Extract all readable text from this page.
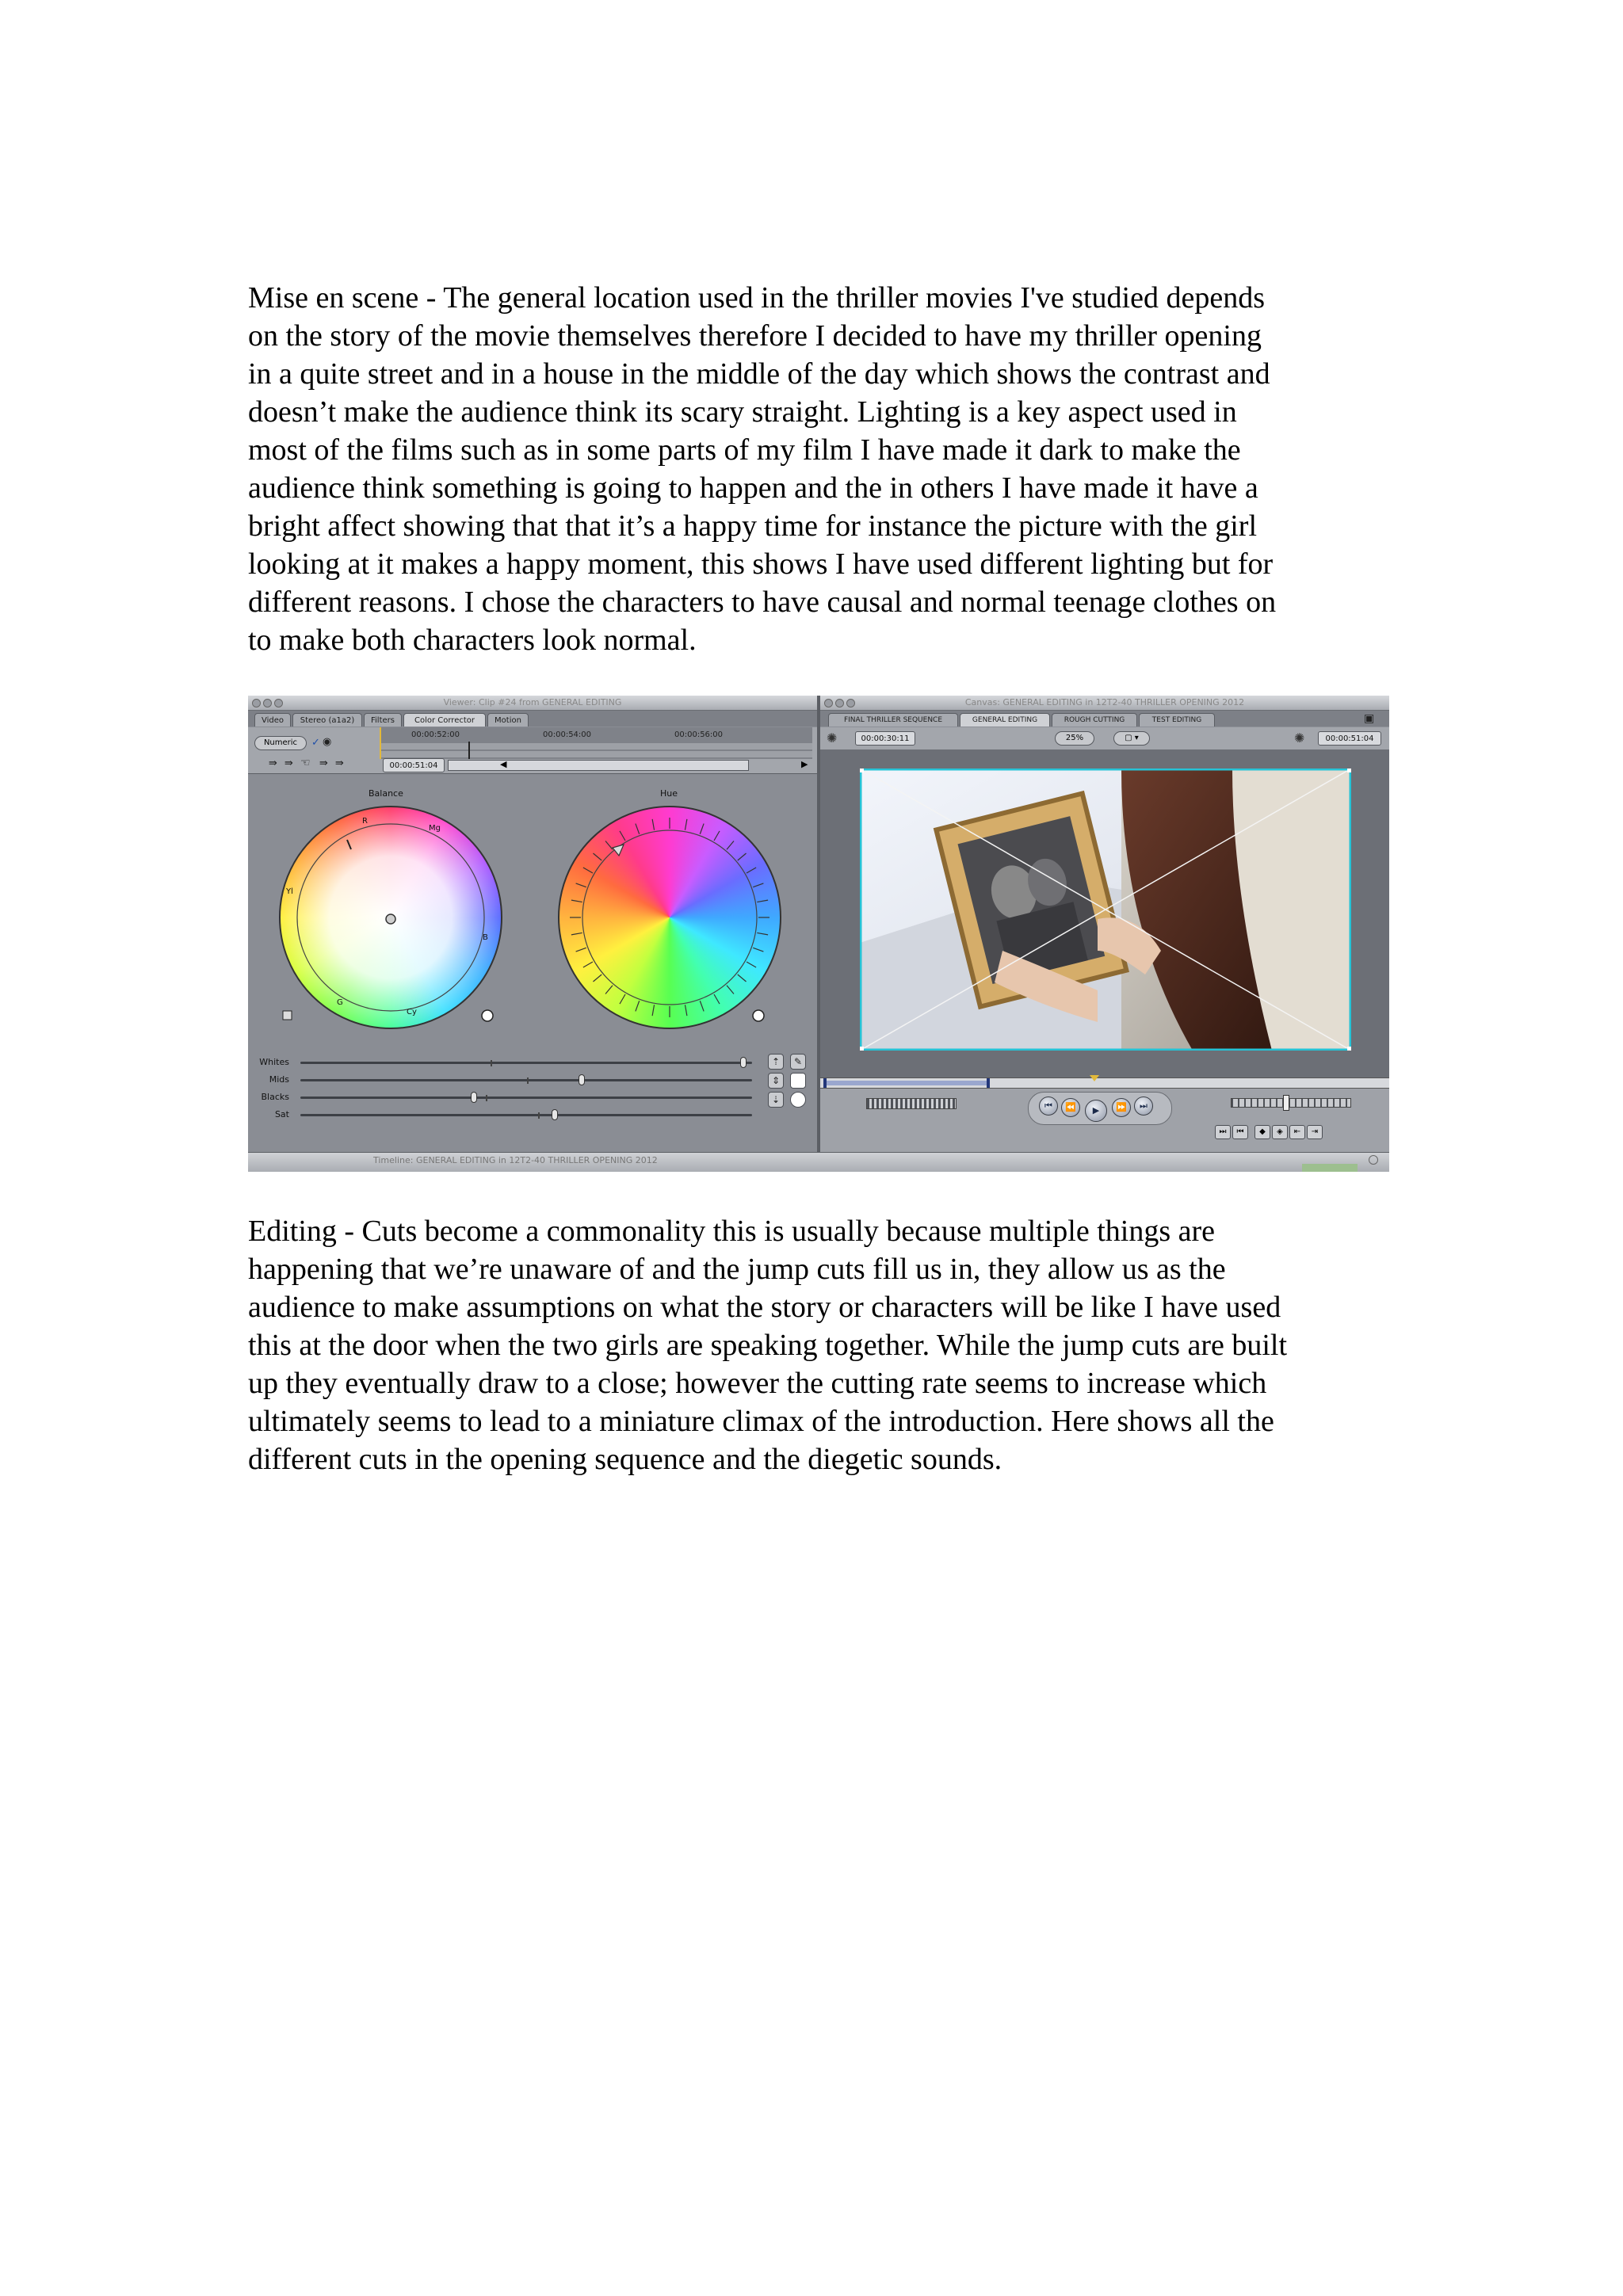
Mise en scene - The general location used in the thriller movies I've studied depends
on the story of the movie themselves therefore I decided to have my thriller opening
in a quite street and in a house in the middle of the day which shows the contrast and
doesn’t make the audience think its scary straight. Lighting is a key aspect used in
most of the films such as in some parts of my film I have made it dark to make the
audience think something is going to happen and the in others I have made it have a
bright affect showing that that it’s a happy time for instance the picture with the girl
looking at it makes a happy moment, this shows I have used different lighting but for
different reasons. I chose the characters to have causal and normal teenage clothes on
to make both characters look normal.
Viewer: Clip #24 from GENERAL EDITING
Video	Stereo (a1a2)	Filters	Color Corrector	Motion
Numeric	✓ ◉
00:00:52:00	00:00:54:00	00:00:56:00
⇛ ⇛ ☜ ⇛ ⇛	00:00:51:04	◀	▶
Balance	Hue
R
Mg
Yl
B
G
Cy
Whites
Mids
Blacks
Sat
⇡
⇕
⇣
✎
Canvas: GENERAL EDITING in 12T2-40 THRILLER OPENING 2012
FINAL THRILLER SEQUENCE	GENERAL EDITING	ROUGH CUTTING	TEST EDITING	▣
✺	00:00:30:11	25%	▢ ▾	✺	00:00:51:04
⏮	⏪	▶	⏩	⏭
⏭	⏮	◆	◈	⇤	⇥
Timeline: GENERAL EDITING in 12T2-40 THRILLER OPENING 2012
Editing - Cuts become a commonality this is usually because multiple things are
happening that we’re unaware of and the jump cuts fill us in, they allow us as the
audience to make assumptions on what the story or characters will be like I have used
this at the door when the two girls are speaking together. While the jump cuts are built
up they eventually draw to a close; however the cutting rate seems to increase which
ultimately seems to lead to a miniature climax of the introduction. Here shows all the
different cuts in the opening sequence and the diegetic sounds.
